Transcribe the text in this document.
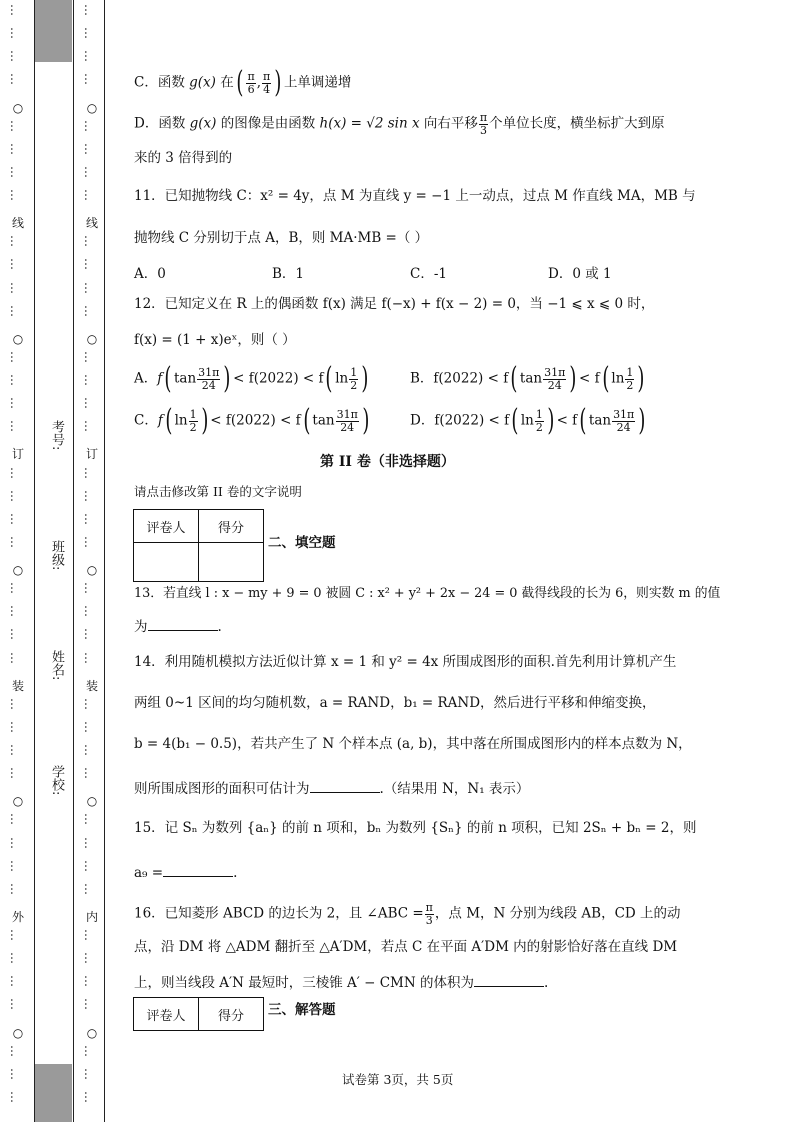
…
…
…
…
○
…
…
…
…
线
…
…
…
…
○
…
…
…
…
订
…
…
…
…
○
…
…
…
…
装
…
…
…
…
○
…
…
…
…
外
…
…
…
…
○
…
…
…
…
…
…
…
○
…
…
…
…
线
…
…
…
…
○
…
…
…
…
订
…
…
…
…
○
…
…
…
…
装
…
…
…
…
○
…
…
…
…
内
…
…
…
…
○
…
…
…
考号:
班级:
姓名:
学校:
C．函数 g(x) 在( $\frac{\pi}{6}$ , $\frac{\pi}{4}$ ) 上单调递增
D．函数 g(x) 的图像是由函数 h(x) = √2 sin x 向右平移 $\frac{\pi}{3}$ 个单位长度，横坐标扩大到原
来的 3 倍得到的
11．已知抛物线 C：x² = 4y，点 M 为直线 y = −1 上一动点，过点 M 作直线 MA，MB 与
抛物线 C 分别切于点 A，B，则 MA·MB =（ ）
A．0	B．1	C．-1	D．0 或 1
12．已知定义在 R 上的偶函数 f(x) 满足 f(−x) + f(x − 2) = 0，当 −1 ⩽ x ⩽ 0 时，
f(x) = (1 + x)eˣ，则（ ）
A．f( $\tan \frac{31\pi}{24}$ ) < f(2022) < f( $\ln \frac{1}{2}$ )	B．f(2022) < f( $\tan \frac{31\pi}{24}$ ) < f( $\ln \frac{1}{2}$ )
C．f( $\ln \frac{1}{2}$ ) < f(2022) < f( $\tan \frac{31\pi}{24}$ )	D．f(2022) < f( $\ln \frac{1}{2}$ ) < f( $\tan \frac{31\pi}{24}$ )
第 II 卷（非选择题）
请点击修改第 II 卷的文字说明
评卷人	得分

二、填空题
13．若直线 l : x − my + 9 = 0 被圆 C : x² + y² + 2x − 24 = 0 截得线段的长为 6，则实数 m 的值
为	.
14．利用随机模拟方法近似计算 x = 1 和 y² = 4x 所围成图形的面积.首先利用计算机产生
两组 0~1 区间的均匀随机数，a = RAND，b₁ = RAND，然后进行平移和伸缩变换，
b = 4(b₁ − 0.5)，若共产生了 N 个样本点 (a, b)，其中落在所围成图形内的样本点数为 N，
则所围成图形的面积可估计为	.（结果用 N，N₁ 表示）
15．记 Sₙ 为数列 {aₙ} 的前 n 项和，bₙ 为数列 {Sₙ} 的前 n 项积，已知 2Sₙ + bₙ = 2，则
a₉ =	.
16．已知菱形 ABCD 的边长为 2，且 ∠ABC = $\frac{\pi}{3}$ ，点 M，N 分别为线段 AB，CD 上的动
点，沿 DM 将 △ADM 翻折至 △A′DM，若点 C 在平面 A′DM 内的射影恰好落在直线 DM
上，则当线段 A′N 最短时，三棱锥 A′ − CMN 的体积为	.
评卷人	得分 三、解答题
试卷第 3页，共 5页
